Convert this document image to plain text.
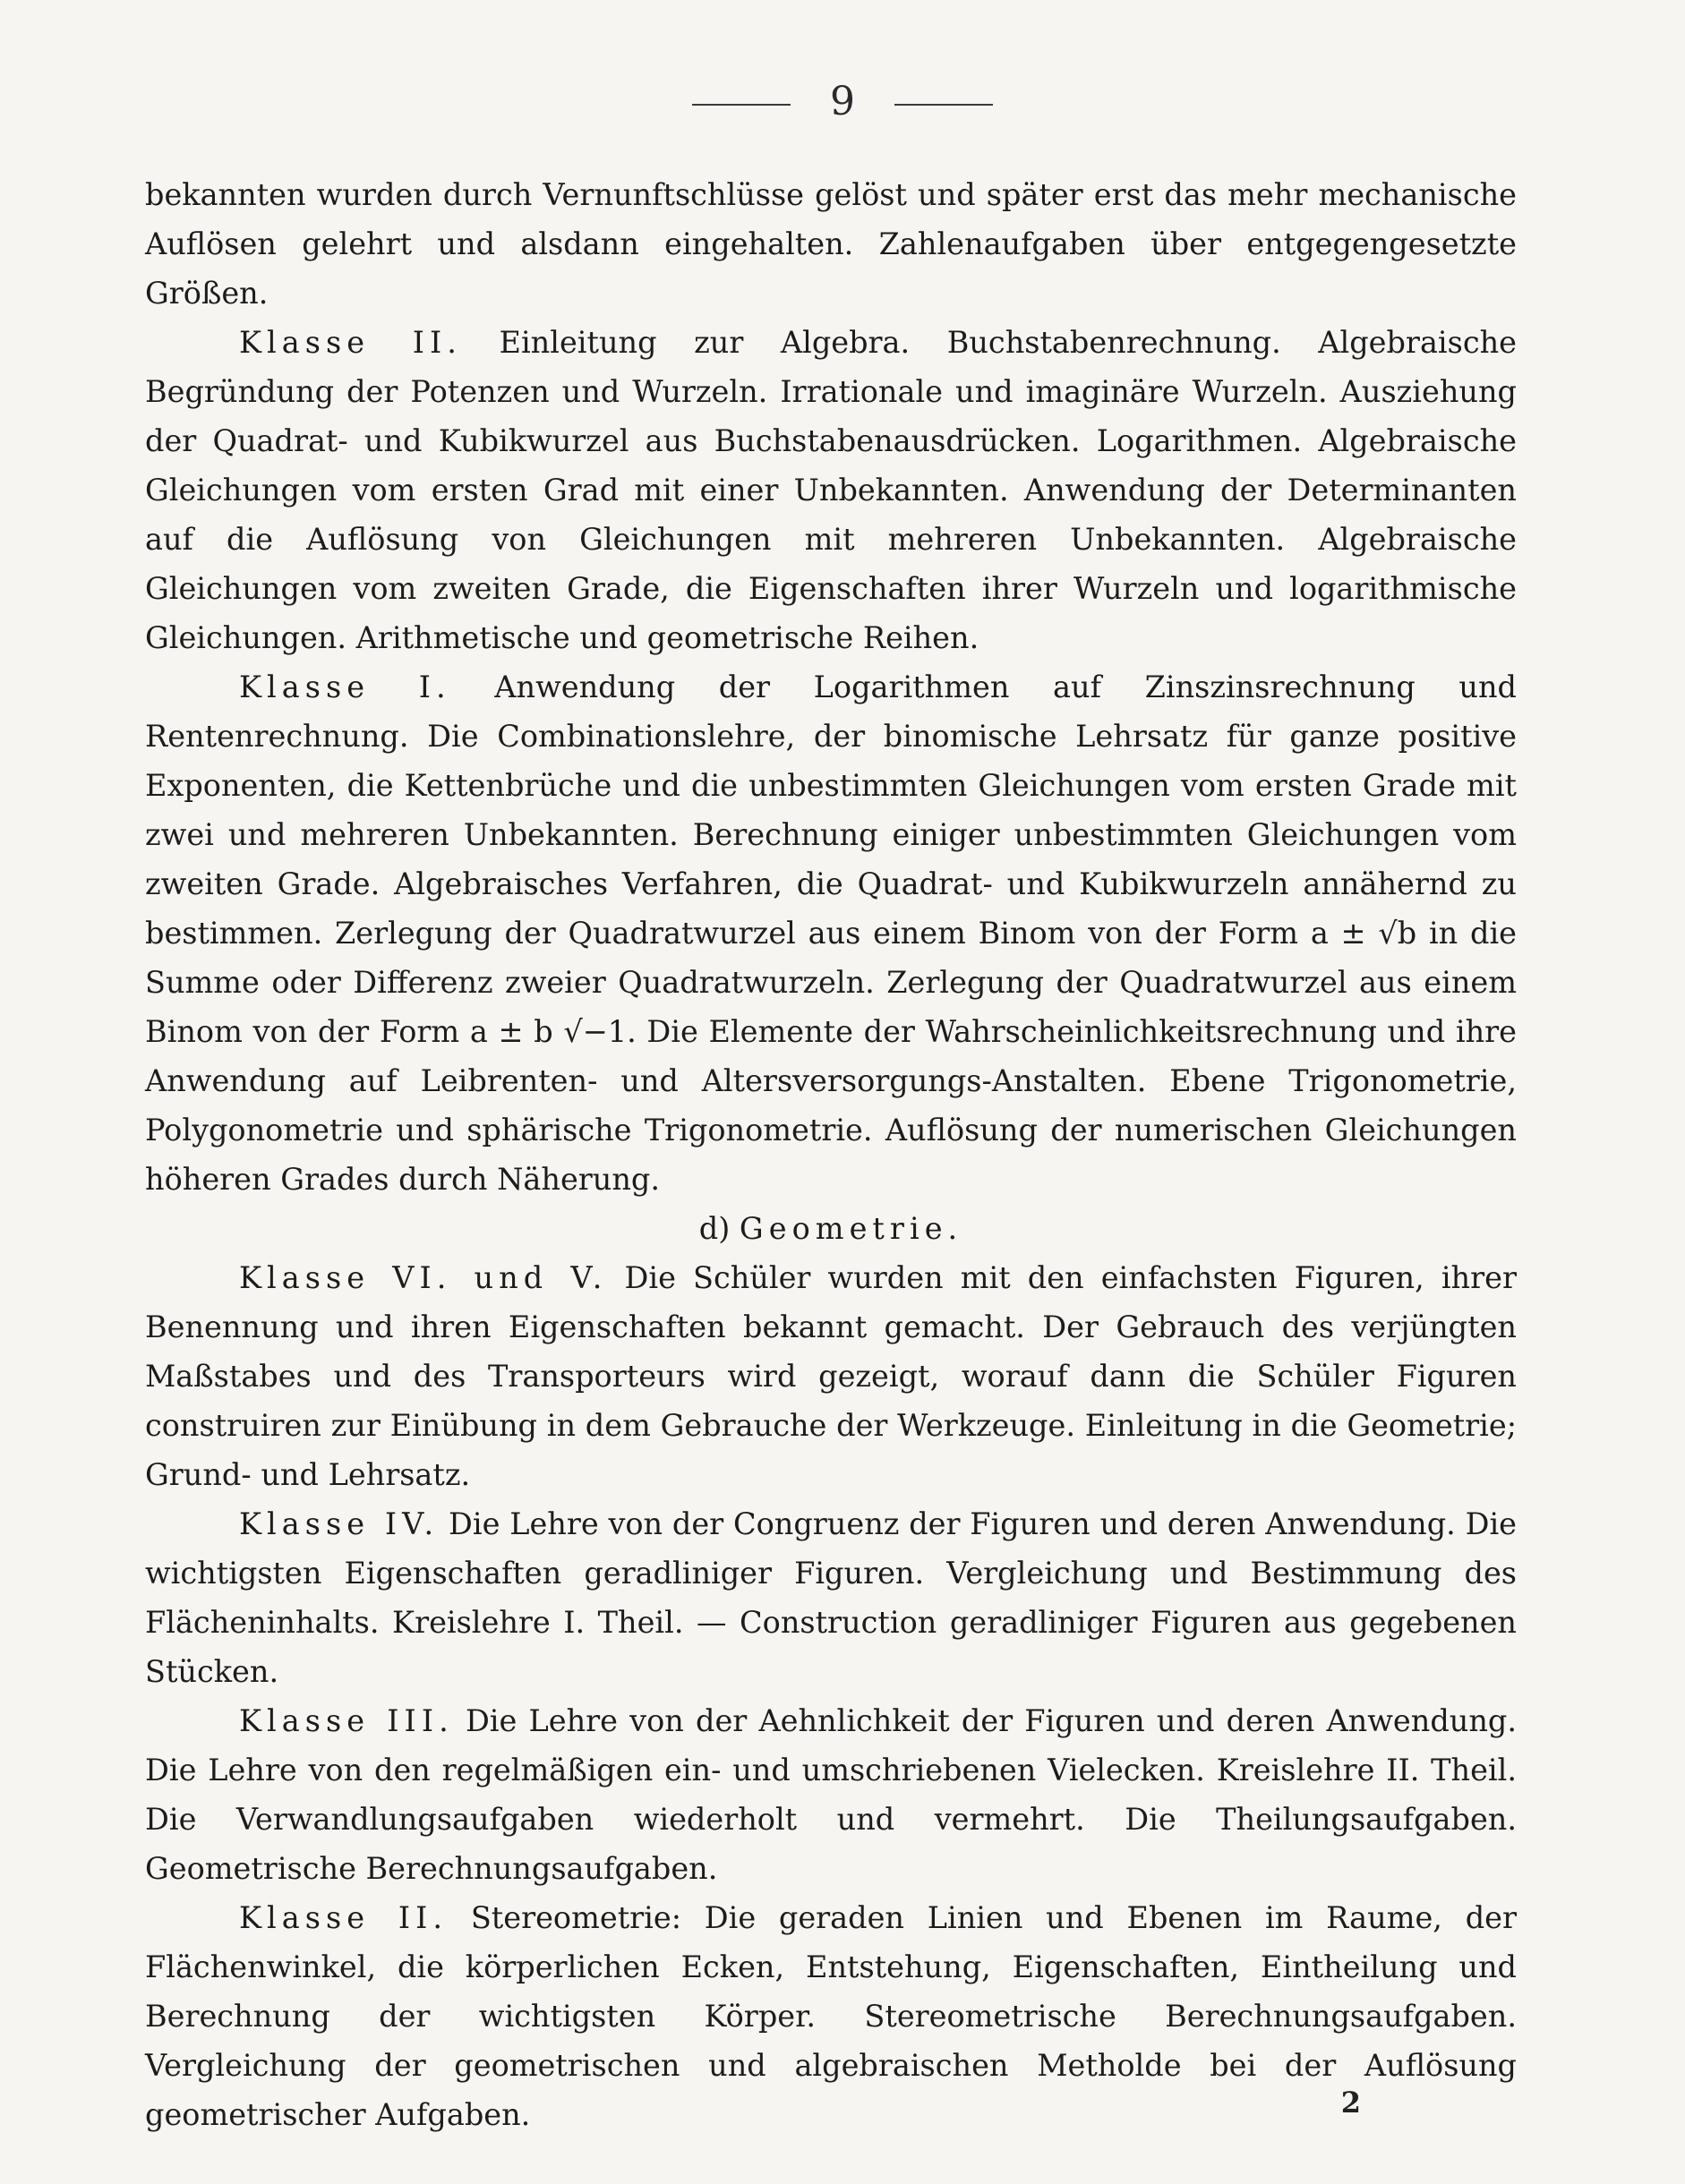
9

bekannten wurden durch Vernunftschlüsse gelöst und später erst das mehr mechanische Auflösen gelehrt und alsdann eingehalten. Zahlenaufgaben über entgegengesetzte Größen.

Klasse II. Einleitung zur Algebra. Buchstabenrechnung. Algebraische Begründung der Potenzen und Wurzeln. Irrationale und imaginäre Wurzeln. Ausziehung der Quadrat- und Kubikwurzel aus Buchstabenausdrücken. Logarithmen. Algebraische Gleichungen vom ersten Grad mit einer Unbekannten. Anwendung der Determinanten auf die Auflösung von Gleichungen mit mehreren Unbekannten. Algebraische Gleichungen vom zweiten Grade, die Eigenschaften ihrer Wurzeln und logarithmische Gleichungen. Arithmetische und geometrische Reihen.

Klasse I. Anwendung der Logarithmen auf Zinszinsrechnung und Rentenrechnung. Die Combinationslehre, der binomische Lehrsatz für ganze positive Exponenten, die Kettenbrüche und die unbestimmten Gleichungen vom ersten Grade mit zwei und mehreren Unbekannten. Berechnung einiger unbestimmten Gleichungen vom zweiten Grade. Algebraisches Verfahren, die Quadrat- und Kubikwurzeln annähernd zu bestimmen. Zerlegung der Quadratwurzel aus einem Binom von der Form a ± √b in die Summe oder Differenz zweier Quadratwurzeln. Zerlegung der Quadratwurzel aus einem Binom von der Form a ± b √−1. Die Elemente der Wahrscheinlichkeitsrechnung und ihre Anwendung auf Leibrenten- und Altersversorgungs-Anstalten. Ebene Trigonometrie, Polygonometrie und sphärische Trigonometrie. Auflösung der numerischen Gleichungen höheren Grades durch Näherung.

d) Geometrie.

Klasse VI. und V. Die Schüler wurden mit den einfachsten Figuren, ihrer Benennung und ihren Eigenschaften bekannt gemacht. Der Gebrauch des verjüngten Maßstabes und des Transporteurs wird gezeigt, worauf dann die Schüler Figuren construiren zur Einübung in dem Gebrauche der Werkzeuge. Einleitung in die Geometrie; Grund- und Lehrsatz.

Klasse IV. Die Lehre von der Congruenz der Figuren und deren Anwendung. Die wichtigsten Eigenschaften geradliniger Figuren. Vergleichung und Bestimmung des Flächeninhalts. Kreislehre I. Theil. — Construction geradliniger Figuren aus gegebenen Stücken.

Klasse III. Die Lehre von der Aehnlichkeit der Figuren und deren Anwendung. Die Lehre von den regelmäßigen ein- und umschriebenen Vielecken. Kreislehre II. Theil. Die Verwandlungsaufgaben wiederholt und vermehrt. Die Theilungsaufgaben. Geometrische Berechnungsaufgaben.

Klasse II. Stereometrie: Die geraden Linien und Ebenen im Raume, der Flächenwinkel, die körperlichen Ecken, Entstehung, Eigenschaften, Eintheilung und Berechnung der wichtigsten Körper. Stereometrische Berechnungsaufgaben. Vergleichung der geometrischen und algebraischen Metholde bei der Auflösung geometrischer Aufgaben.	2
